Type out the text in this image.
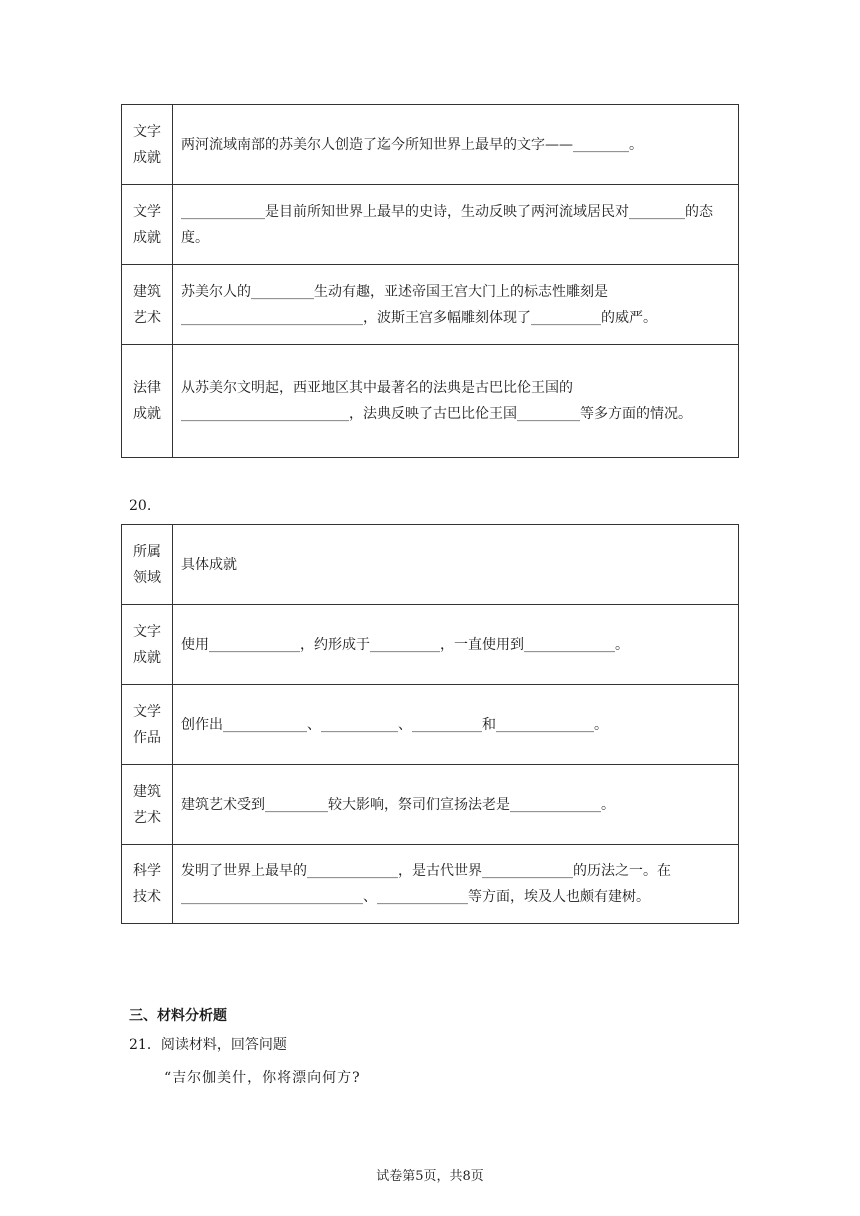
文字
成就	两河流域南部的苏美尔人创造了迄今所知世界上最早的文字——________。
文学
成就	____________是目前所知世界上最早的史诗，生动反映了两河流域居民对________的态度。
建筑
艺术	苏美尔人的_________生动有趣，亚述帝国王宫大门上的标志性雕刻是__________________________，波斯王宫多幅雕刻体现了__________的威严。
法律
成就	从苏美尔文明起，西亚地区其中最著名的法典是古巴比伦王国的________________________，法典反映了古巴比伦王国_________等多方面的情况。
20.
所属
领域	具体成就
文字
成就	使用_____________，约形成于__________，一直使用到_____________。
文学
作品	创作出____________、___________、__________和______________。
建筑
艺术	建筑艺术受到_________较大影响，祭司们宣扬法老是_____________。
科学
技术	发明了世界上最早的_____________，是古代世界_____________的历法之一。在__________________________、_____________等方面，埃及人也颇有建树。
三、材料分析题
21．阅读材料，回答问题
“吉尔伽美什，你将漂向何方?
试卷第5页，共8页
